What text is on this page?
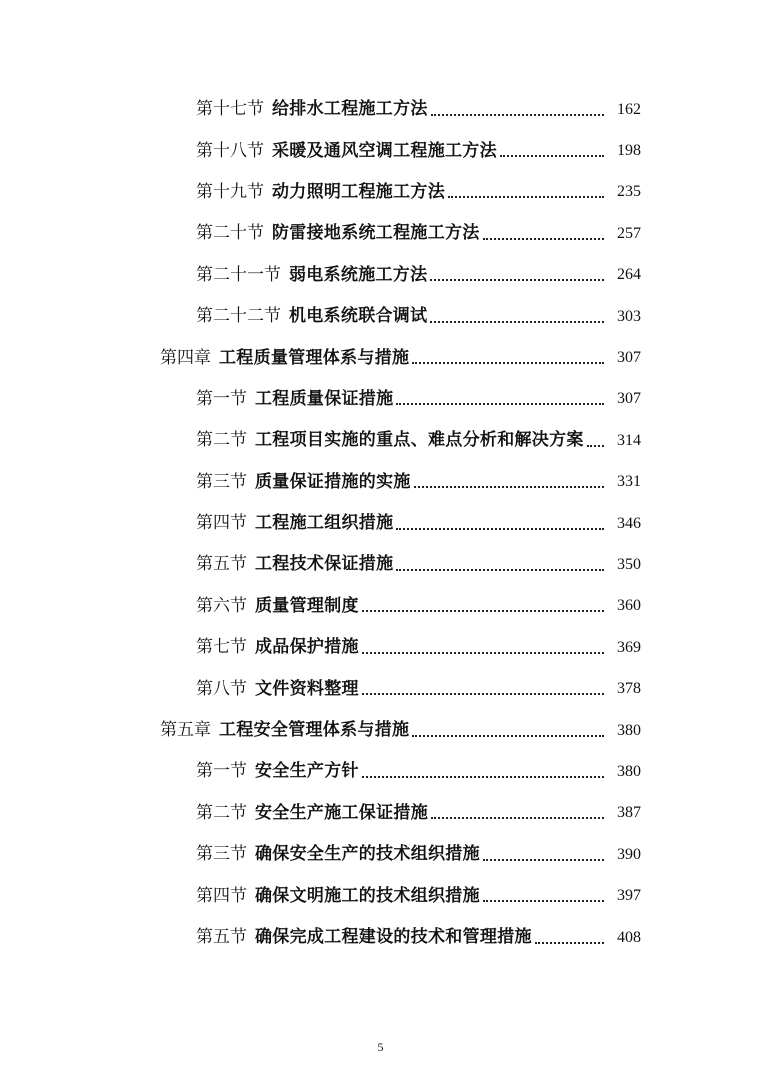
第十七节 给排水工程施工方法	162
第十八节 采暖及通风空调工程施工方法	198
第十九节 动力照明工程施工方法	235
第二十节 防雷接地系统工程施工方法	257
第二十一节 弱电系统施工方法	264
第二十二节 机电系统联合调试	303
第四章 工程质量管理体系与措施	307
第一节 工程质量保证措施	307
第二节 工程项目实施的重点、难点分析和解决方案	314
第三节 质量保证措施的实施	331
第四节 工程施工组织措施	346
第五节 工程技术保证措施	350
第六节 质量管理制度	360
第七节 成品保护措施	369
第八节 文件资料整理	378
第五章 工程安全管理体系与措施	380
第一节 安全生产方针	380
第二节 安全生产施工保证措施	387
第三节 确保安全生产的技术组织措施	390
第四节 确保文明施工的技术组织措施	397
第五节 确保完成工程建设的技术和管理措施	408
5
